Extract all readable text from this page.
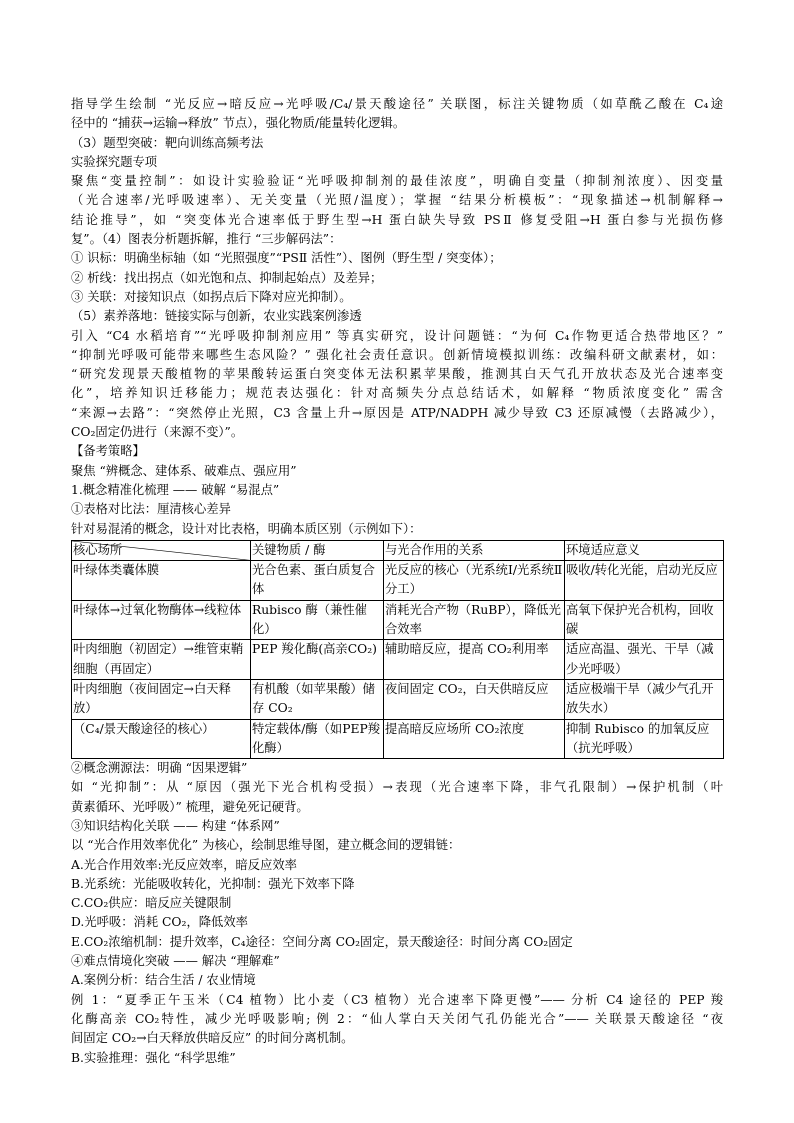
指导学生绘制 “光反应→暗反应→光呼吸/C₄/景天酸途径” 关联图，标注关键物质（如草酰乙酸在 C₄途
径中的 “捕获→运输→释放” 节点），强化物质/能量转化逻辑。
（3）题型突破：靶向训练高频考法
实验探究题专项
聚焦“变量控制”：如设计实验验证“光呼吸抑制剂的最佳浓度”，明确自变量（抑制剂浓度）、因变量
（光合速率/光呼吸速率）、无关变量（光照/温度）；掌握 “结果分析模板”：“现象描述→机制解释→
结论推导”，如 “突变体光合速率低于野生型→H 蛋白缺失导致 PSⅡ 修复受阻→H 蛋白参与光损伤修
复”。（4）图表分析题拆解，推行 “三步解码法”：
① 识标：明确坐标轴（如 “光照强度”“PSⅡ 活性”）、图例（野生型 / 突变体）；
② 析线：找出拐点（如光饱和点、抑制起始点）及差异；
③ 关联：对接知识点（如拐点后下降对应光抑制）。
（5）素养落地：链接实际与创新，农业实践案例渗透
引入 “C4 水稻培育”“光呼吸抑制剂应用” 等真实研究，设计问题链：“为何 C₄作物更适合热带地区？”
“抑制光呼吸可能带来哪些生态风险？” 强化社会责任意识。创新情境模拟训练：改编科研文献素材，如：
“研究发现景天酸植物的苹果酸转运蛋白突变体无法积累苹果酸，推测其白天气孔开放状态及光合速率变
化”，培养知识迁移能力；规范表达强化：针对高频失分点总结话术，如解释 “物质浓度变化” 需含
“来源→去路”：“突然停止光照，C3 含量上升→原因是 ATP/NADPH 减少导致 C3 还原减慢（去路减少），
CO₂固定仍进行（来源不变）”。
【备考策略】
聚焦 “辨概念、建体系、破难点、强应用”
1.概念精准化梳理 —— 破解 “易混点”
①表格对比法：厘清核心差异
针对易混淆的概念，设计对比表格，明确本质区别（示例如下）：
核心场所	关键物质 / 酶	与光合作用的关系	环境适应意义
叶绿体类囊体膜	光合色素、蛋白质复合体	光反应的核心（光系统Ⅰ/光系统Ⅱ分工）	吸收/转化光能，启动光反应
叶绿体→过氧化物酶体→线粒体	Rubisco 酶（兼性催化）	消耗光合产物（RuBP），降低光合效率	高氧下保护光合机构，回收碳
叶肉细胞（初固定）→维管束鞘细胞（再固定）	PEP 羧化酶(高亲CO₂)	辅助暗反应，提高 CO₂利用率	适应高温、强光、干旱（减少光呼吸）
叶肉细胞（夜间固定→白天释放）	有机酸（如苹果酸）储存 CO₂	夜间固定 CO₂，白天供暗反应	适应极端干旱（减少气孔开放失水）
（C₄/景天酸途径的核心）	特定载体/酶（如PEP羧化酶）	提高暗反应场所 CO₂浓度	抑制 Rubisco 的加氧反应（抗光呼吸）
②概念溯源法：明确 “因果逻辑”
如 “光抑制”：从 “原因（强光下光合机构受损）→表现（光合速率下降，非气孔限制）→保护机制（叶
黄素循环、光呼吸）” 梳理，避免死记硬背。
③知识结构化关联 —— 构建 “体系网”
以 “光合作用效率优化” 为核心，绘制思维导图，建立概念间的逻辑链：
A.光合作用效率:光反应效率，暗反应效率
B.光系统：光能吸收转化，光抑制：强光下效率下降
C.CO₂供应：暗反应关键限制
D.光呼吸：消耗 CO₂，降低效率
E.CO₂浓缩机制：提升效率，C₄途径：空间分离 CO₂固定，景天酸途径：时间分离 CO₂固定
④难点情境化突破 —— 解决 “理解难”
A.案例分析：结合生活 / 农业情境
例 1：“夏季正午玉米（C4 植物）比小麦（C3 植物）光合速率下降更慢”—— 分析 C4 途径的 PEP 羧
化酶高亲 CO₂特性，减少光呼吸影响; 例 2：“仙人掌白天关闭气孔仍能光合”—— 关联景天酸途径 “夜
间固定 CO₂→白天释放供暗反应” 的时间分离机制。
B.实验推理：强化 “科学思维”
